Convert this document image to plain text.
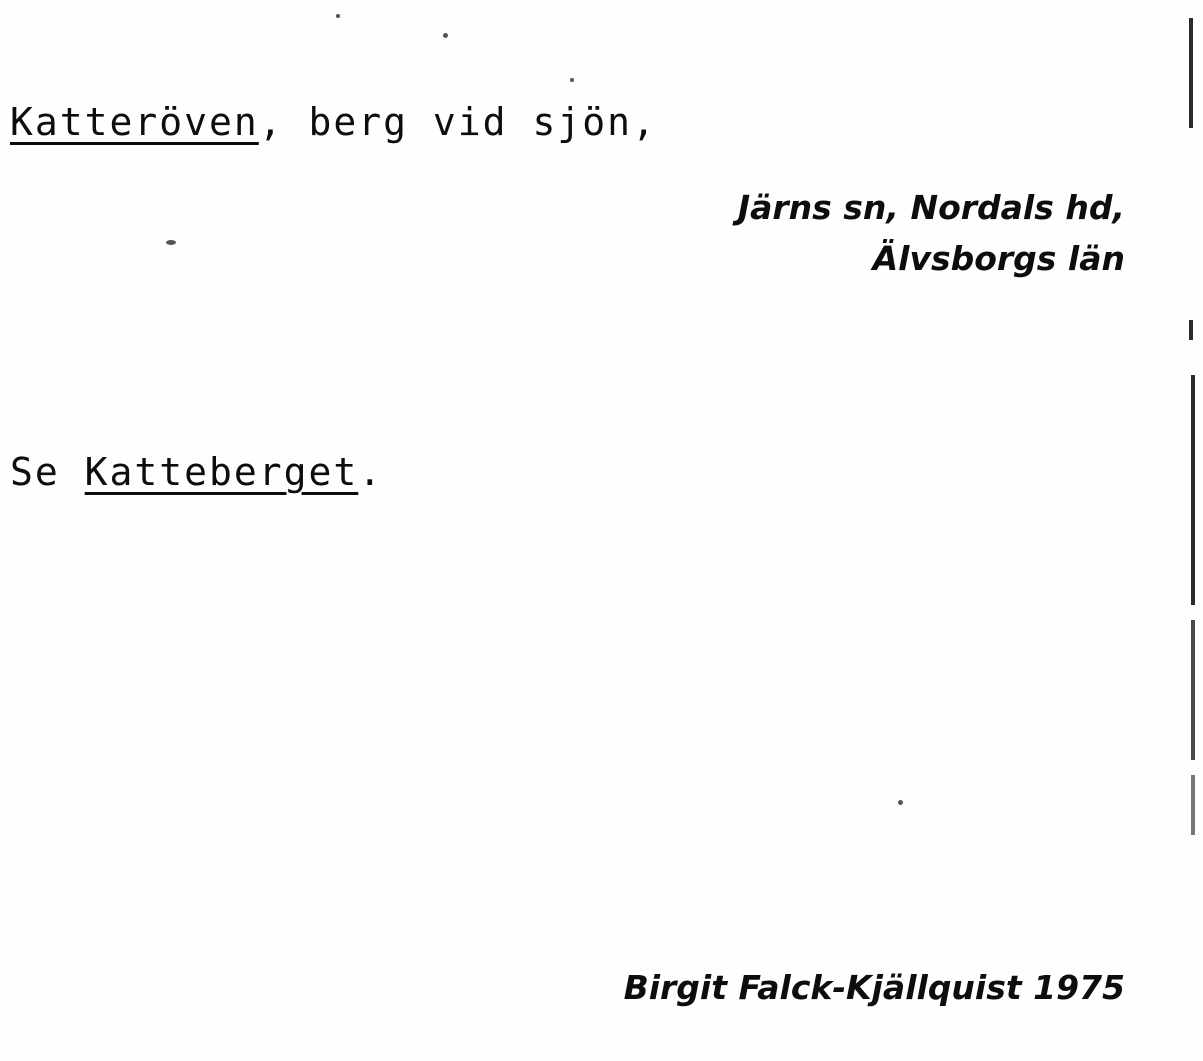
Katteröven, berg vid sjön,
Järns sn, Nordals hd,
Älvsborgs län
Se Katteberget.
Birgit Falck-Kjällquist 1975
